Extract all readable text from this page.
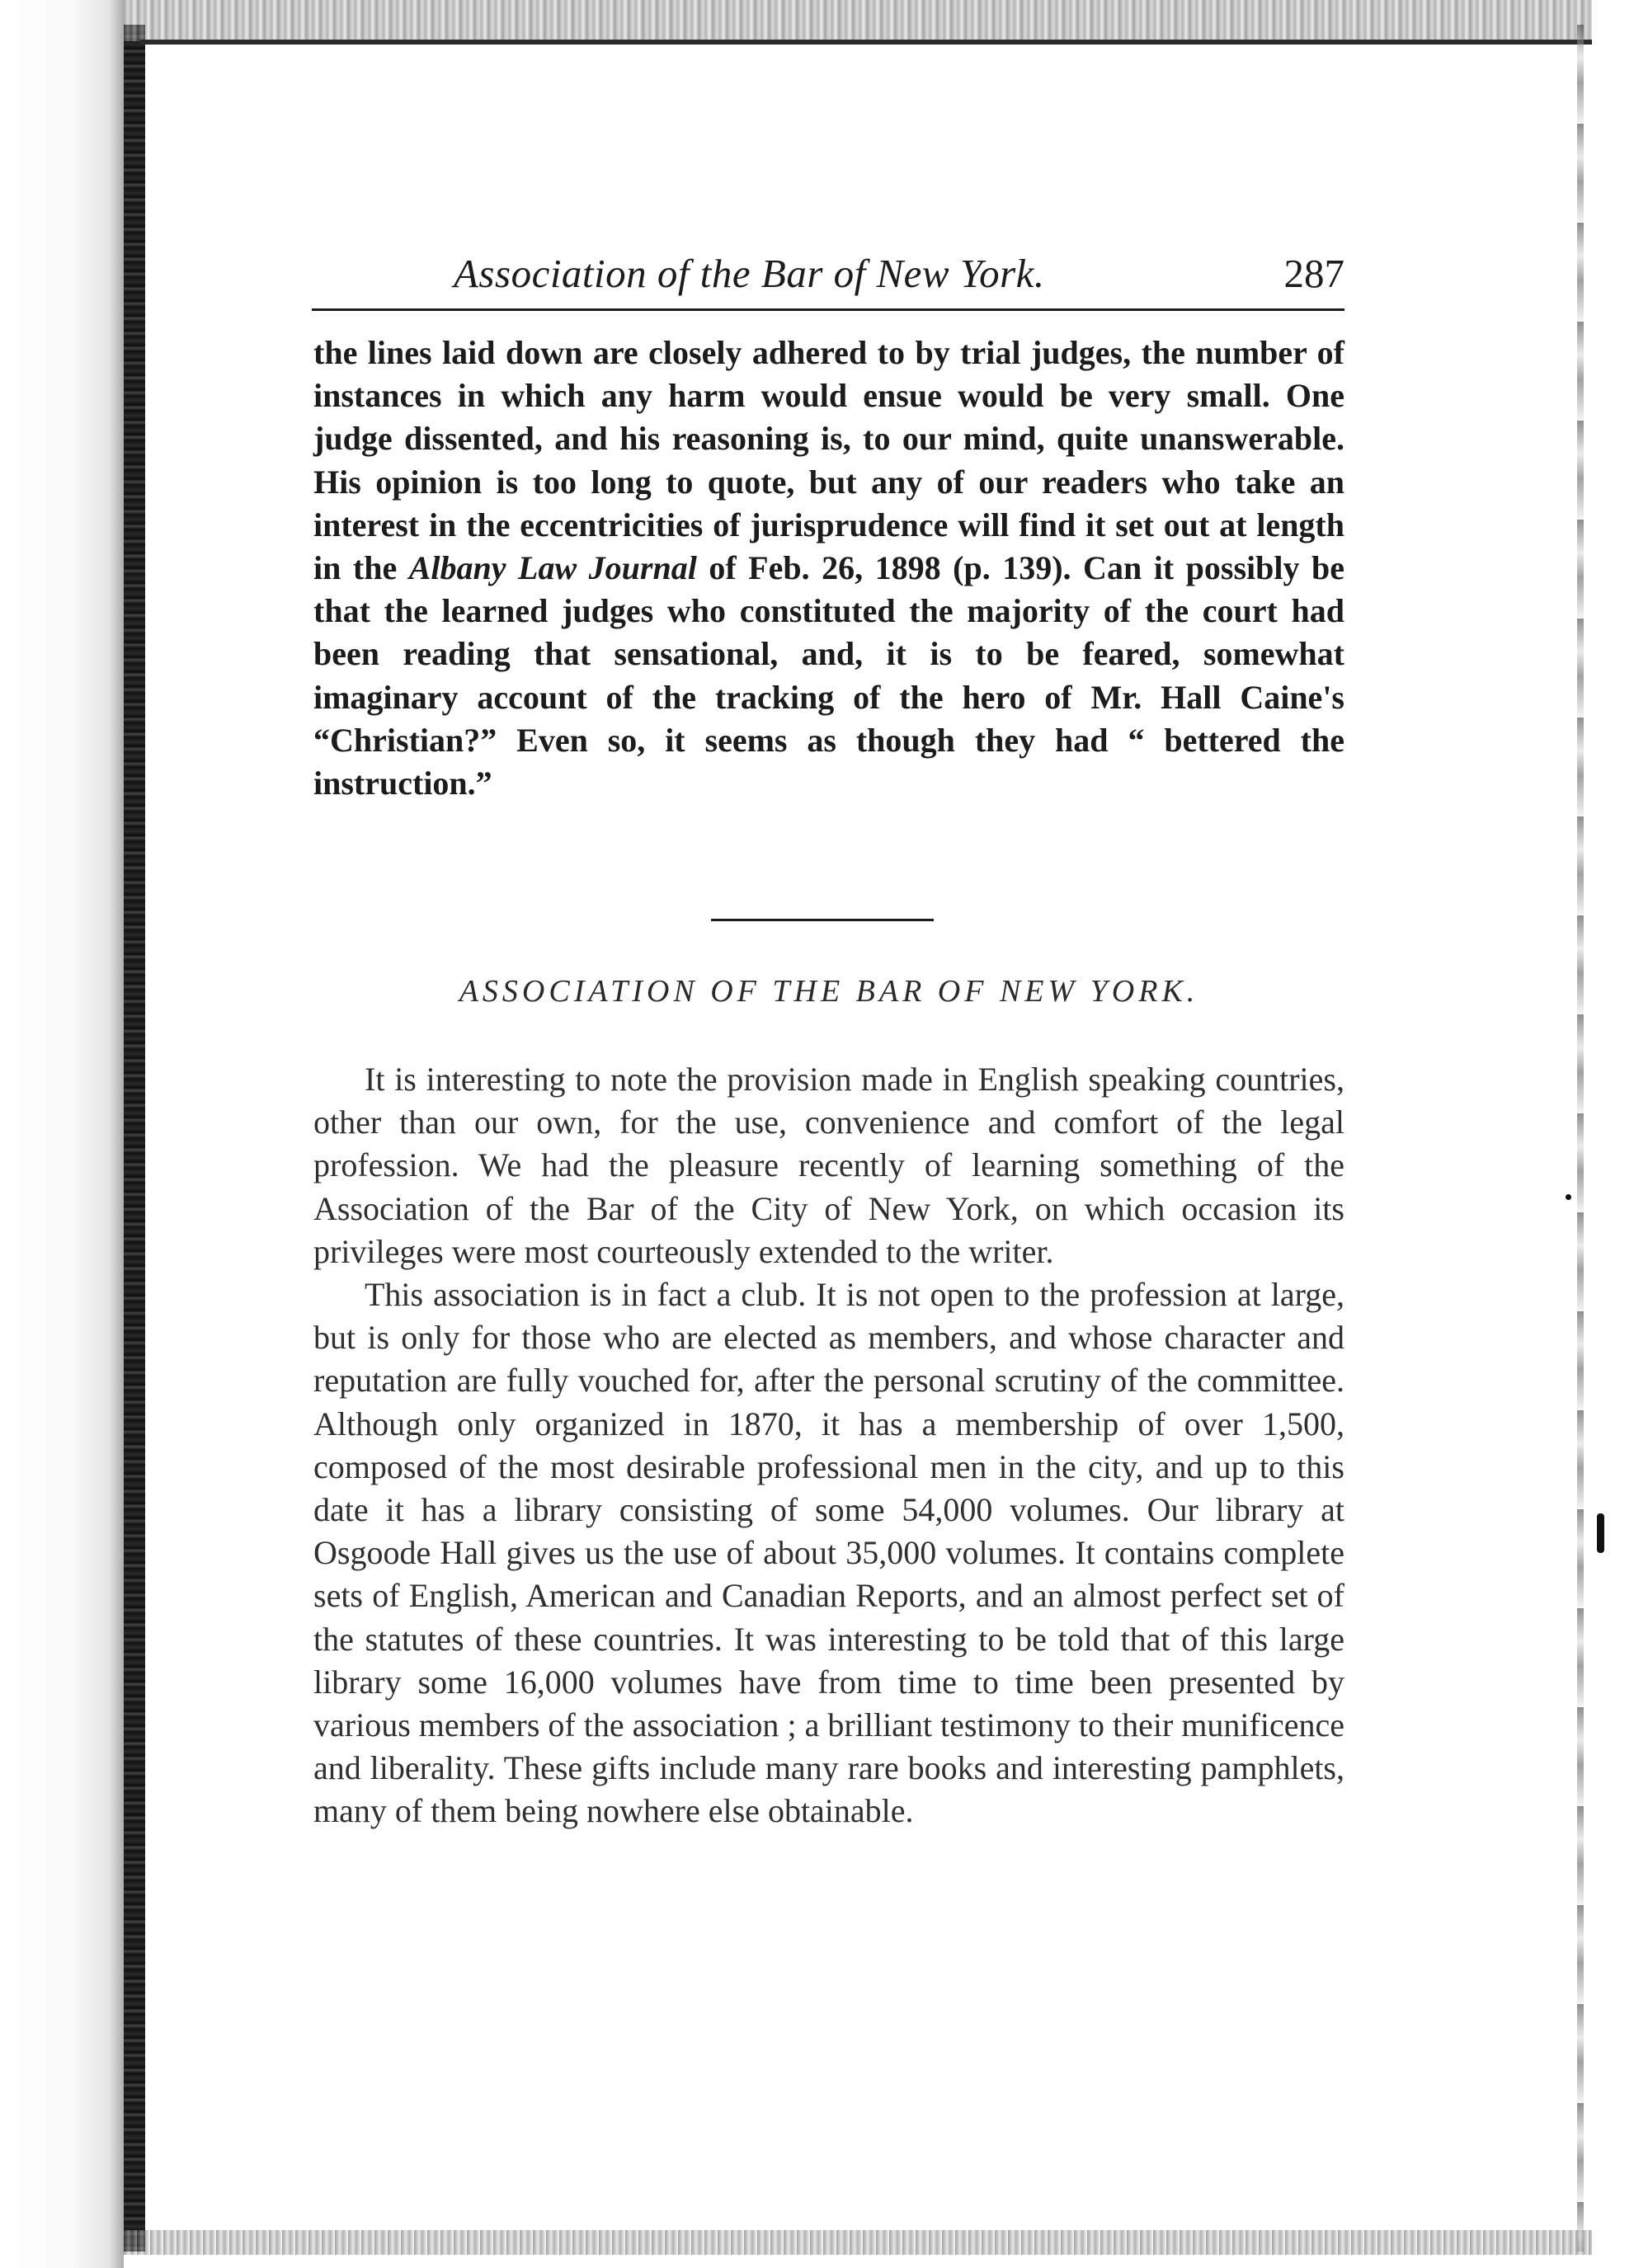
Association of the Bar of New York.	287

the lines laid down are closely adhered to by trial judges, the number of instances in which any harm would ensue would be very small. One judge dissented, and his reasoning is, to our mind, quite unanswerable. His opinion is too long to quote, but any of our readers who take an interest in the eccentricities of jurisprudence will find it set out at length in the Albany Law Journal of Feb. 26, 1898 (p. 139). Can it possibly be that the learned judges who constituted the majority of the court had been reading that sensational, and, it is to be feared, somewhat imaginary account of the tracking of the hero of Mr. Hall Caine's “Christian?” Even so, it seems as though they had “ bettered the instruction.”

ASSOCIATION OF THE BAR OF NEW YORK.

It is interesting to note the provision made in English speaking countries, other than our own, for the use, convenience and comfort of the legal profession. We had the pleasure recently of learning something of the Association of the Bar of the City of New York, on which occasion its privileges were most courteously extended to the writer.

This association is in fact a club. It is not open to the profession at large, but is only for those who are elected as members, and whose character and reputation are fully vouched for, after the personal scrutiny of the committee. Although only organized in 1870, it has a membership of over 1,500, composed of the most desirable professional men in the city, and up to this date it has a library consisting of some 54,000 volumes. Our library at Osgoode Hall gives us the use of about 35,000 volumes. It contains complete sets of English, American and Canadian Reports, and an almost perfect set of the statutes of these countries. It was interesting to be told that of this large library some 16,000 volumes have from time to time been presented by various members of the association ; a brilliant testimony to their munificence and liberality. These gifts include many rare books and interesting pamphlets, many of them being nowhere else obtainable.
